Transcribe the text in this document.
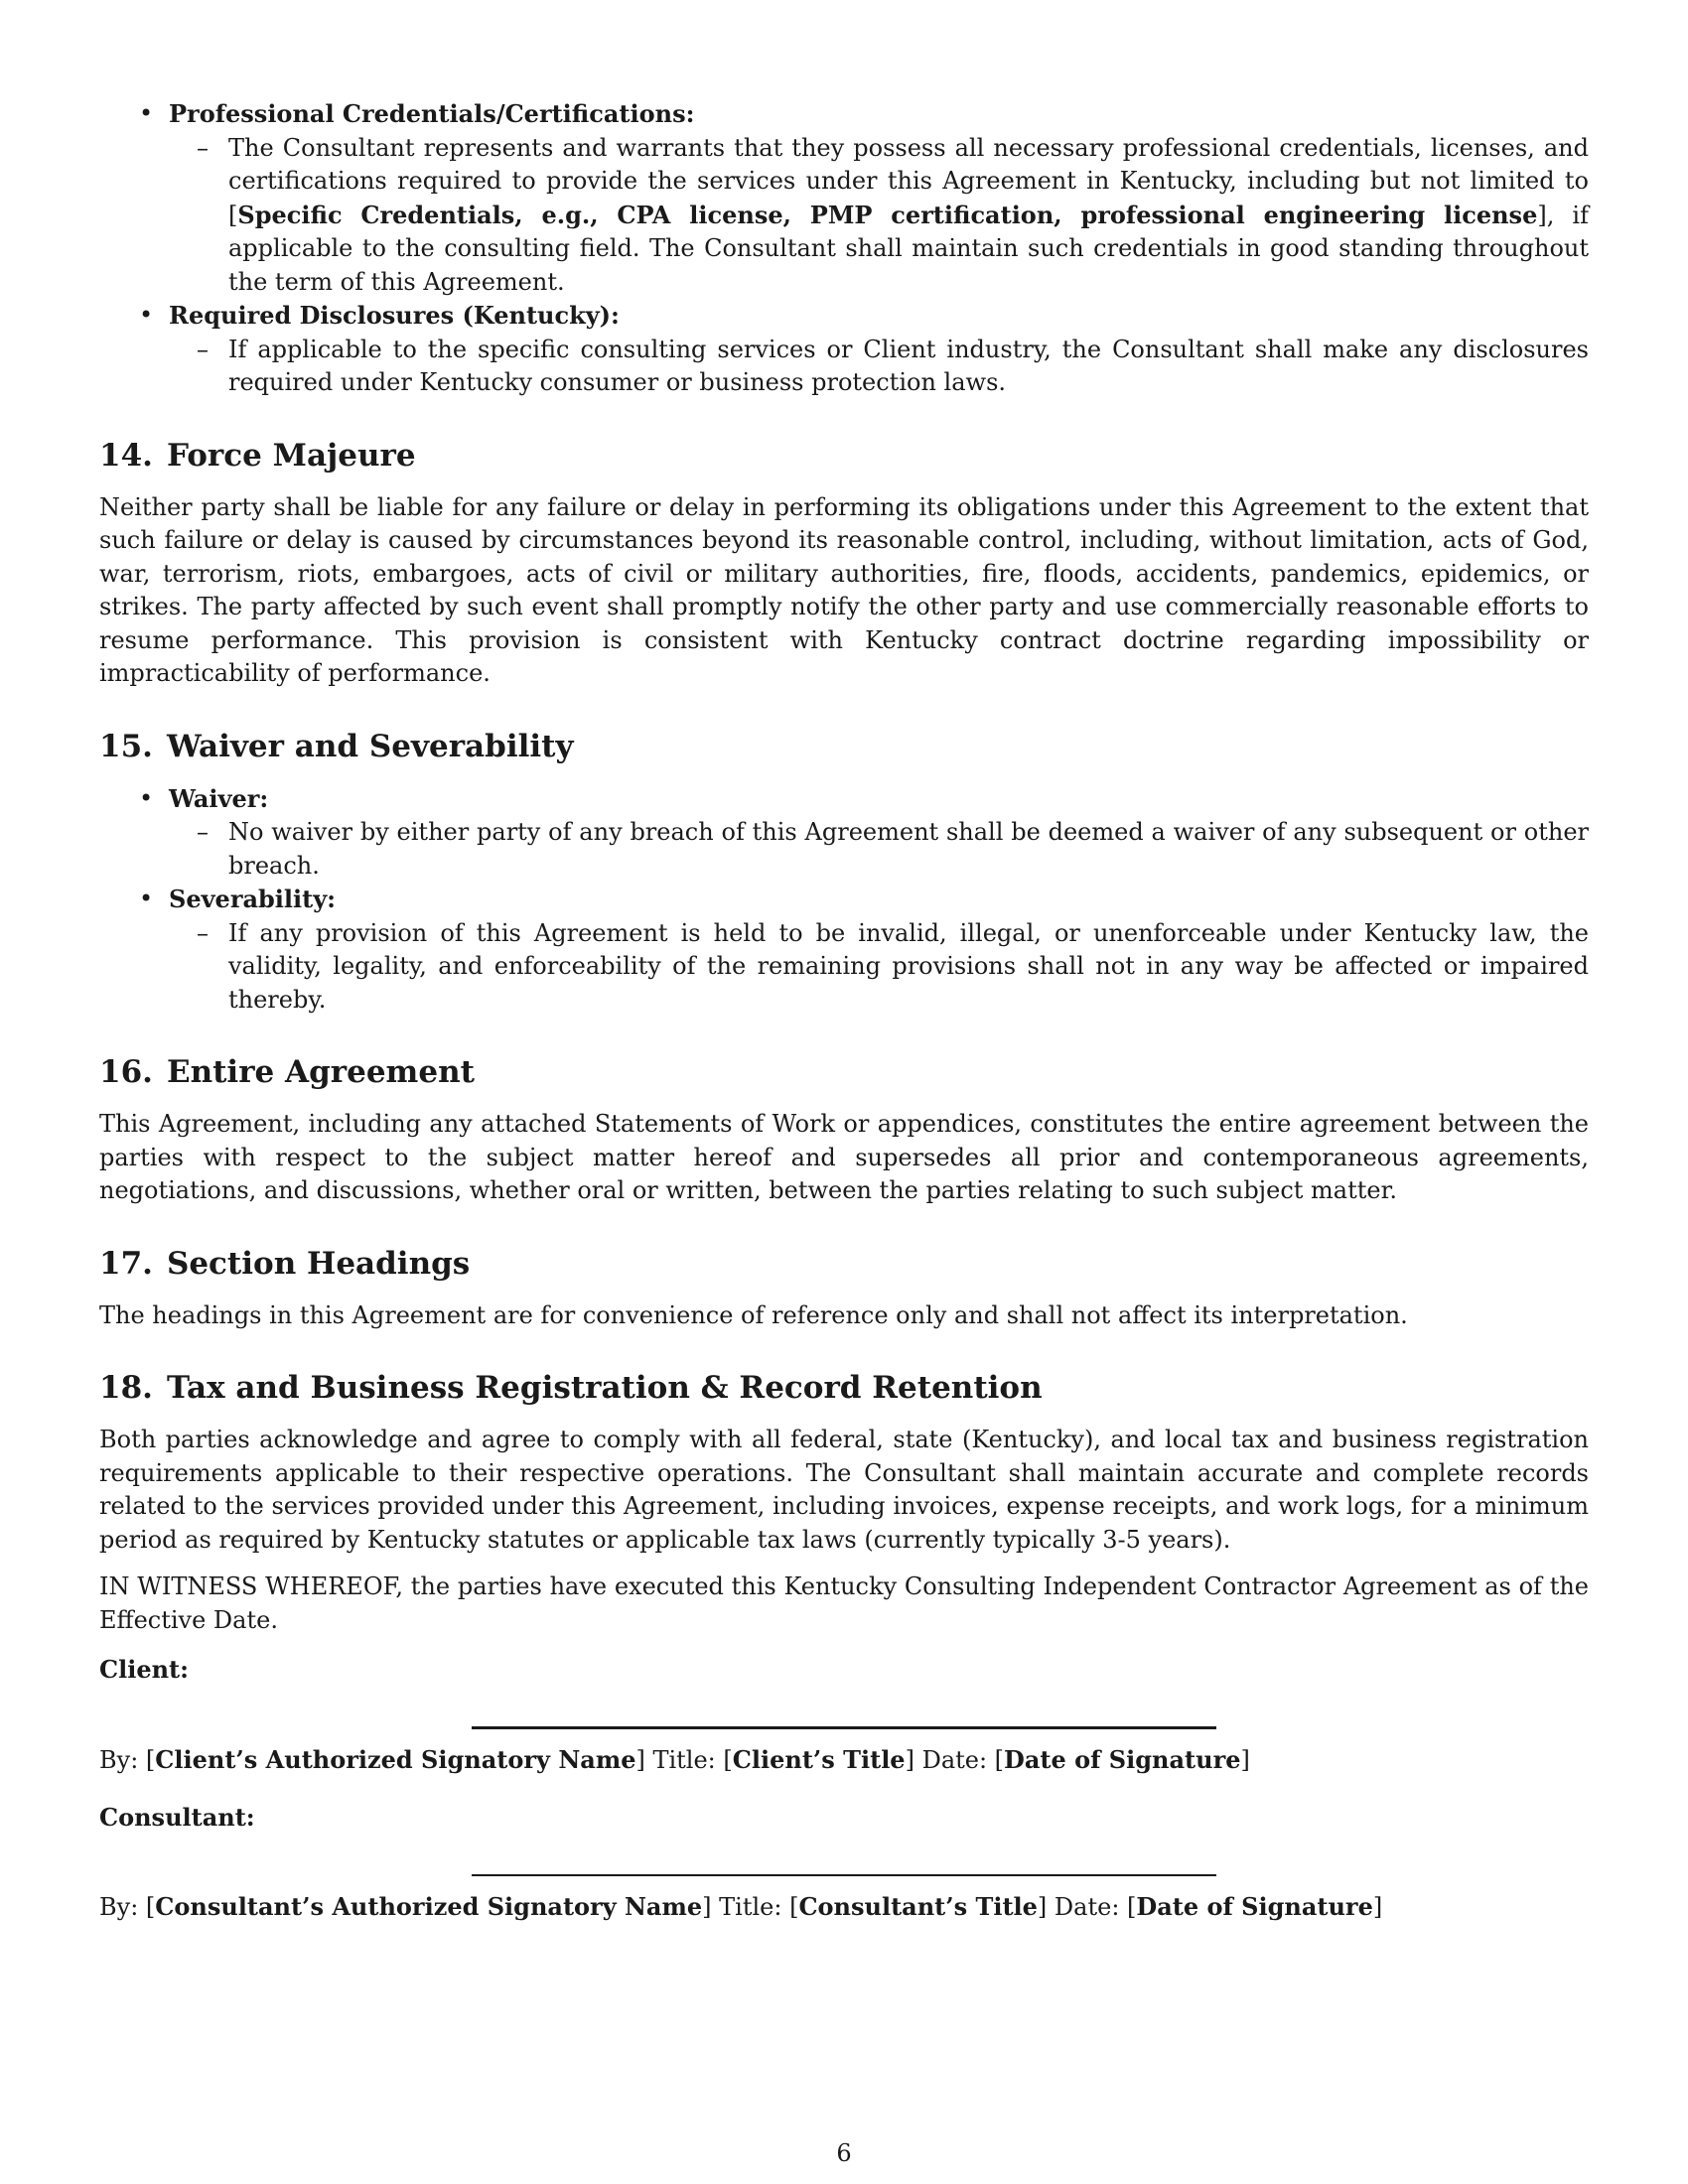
• Professional Credentials/Certifications:
– The Consultant represents and warrants that they possess all necessary professional credentials, licenses, and certifications required to provide the services under this Agreement in Kentucky, including but not limited to [Specific Credentials, e.g., CPA license, PMP certification, professional engineering license], if applicable to the consulting field. The Consultant shall maintain such credentials in good standing throughout the term of this Agreement.
• Required Disclosures (Kentucky):
– If applicable to the specific consulting services or Client industry, the Consultant shall make any disclosures required under Kentucky consumer or business protection laws.
14. Force Majeure

Neither party shall be liable for any failure or delay in performing its obligations under this Agreement to the extent that such failure or delay is caused by circumstances beyond its reasonable control, including, without limitation, acts of God, war, terrorism, riots, embargoes, acts of civil or military authorities, fire, floods, accidents, pandemics, epidemics, or strikes. The party affected by such event shall promptly notify the other party and use commercially reasonable efforts to resume performance. This provision is consistent with Kentucky contract doctrine regarding impossibility or impracticability of performance.

15. Waiver and Severability
• Waiver:
– No waiver by either party of any breach of this Agreement shall be deemed a waiver of any subsequent or other breach.
• Severability:
– If any provision of this Agreement is held to be invalid, illegal, or unenforceable under Kentucky law, the validity, legality, and enforceability of the remaining provisions shall not in any way be affected or impaired thereby.
16. Entire Agreement

This Agreement, including any attached Statements of Work or appendices, constitutes the entire agreement between the parties with respect to the subject matter hereof and supersedes all prior and contemporaneous agreements, negotiations, and discussions, whether oral or written, between the parties relating to such subject matter.

17. Section Headings

The headings in this Agreement are for convenience of reference only and shall not affect its interpretation.

18. Tax and Business Registration & Record Retention

Both parties acknowledge and agree to comply with all federal, state (Kentucky), and local tax and business registration requirements applicable to their respective operations. The Consultant shall maintain accurate and complete records related to the services provided under this Agreement, including invoices, expense receipts, and work logs, for a minimum period as required by Kentucky statutes or applicable tax laws (currently typically 3-5 years).

IN WITNESS WHEREOF, the parties have executed this Kentucky Consulting Independent Contractor Agreement as of the Effective Date.

Client:

By: [Client’s Authorized Signatory Name] Title: [Client’s Title] Date: [Date of Signature]

Consultant:

By: [Consultant’s Authorized Signatory Name] Title: [Consultant’s Title] Date: [Date of Signature]

6
